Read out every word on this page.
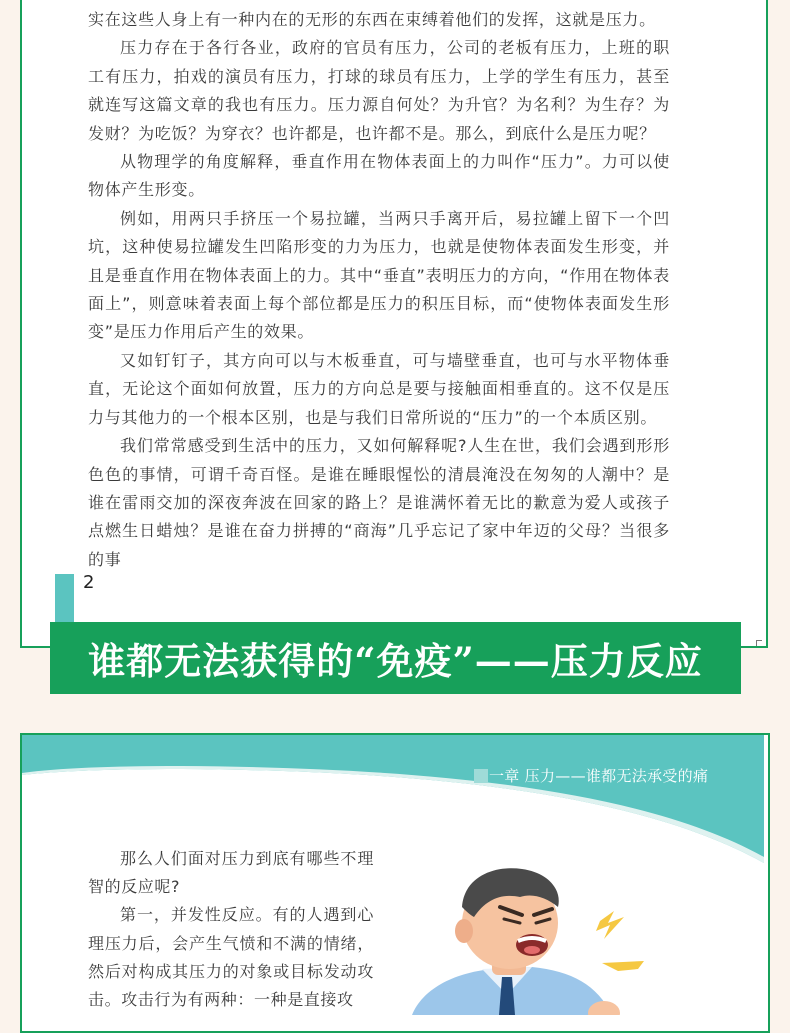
实在这些人身上有一种内在的无形的东西在束缚着他们的发挥，这就是压力。

压力存在于各行各业，政府的官员有压力，公司的老板有压力，上班的职工有压力，拍戏的演员有压力，打球的球员有压力，上学的学生有压力，甚至就连写这篇文章的我也有压力。压力源自何处？为升官？为名利？为生存？为发财？为吃饭？为穿衣？也许都是，也许都不是。那么，到底什么是压力呢？

从物理学的角度解释，垂直作用在物体表面上的力叫作“压力”。力可以使物体产生形变。

例如，用两只手挤压一个易拉罐，当两只手离开后，易拉罐上留下一个凹坑，这种使易拉罐发生凹陷形变的力为压力，也就是使物体表面发生形变，并且是垂直作用在物体表面上的力。其中“垂直”表明压力的方向，“作用在物体表面上”，则意味着表面上每个部位都是压力的积压目标，而“使物体表面发生形变”是压力作用后产生的效果。

又如钉钉子，其方向可以与木板垂直，可与墙壁垂直，也可与水平物体垂直，无论这个面如何放置，压力的方向总是要与接触面相垂直的。这不仅是压力与其他力的一个根本区别，也是与我们日常所说的“压力”的一个本质区别。

我们常常感受到生活中的压力，又如何解释呢?人生在世，我们会遇到形形色色的事情，可谓千奇百怪。是谁在睡眼惺忪的清晨淹没在匆匆的人潮中？是谁在雷雨交加的深夜奔波在回家的路上？是谁满怀着无比的歉意为爱人或孩子点燃生日蜡烛？是谁在奋力拼搏的“商海”几乎忘记了家中年迈的父母？当很多的事

2
谁都无法获得的“免疫”——压力反应
一章 压力——谁都无法承受的痛

那么人们面对压力到底有哪些不理智的反应呢?

第一，并发性反应。有的人遇到心理压力后，会产生气愤和不满的情绪，然后对构成其压力的对象或目标发动攻击。攻击行为有两种：一种是直接攻
